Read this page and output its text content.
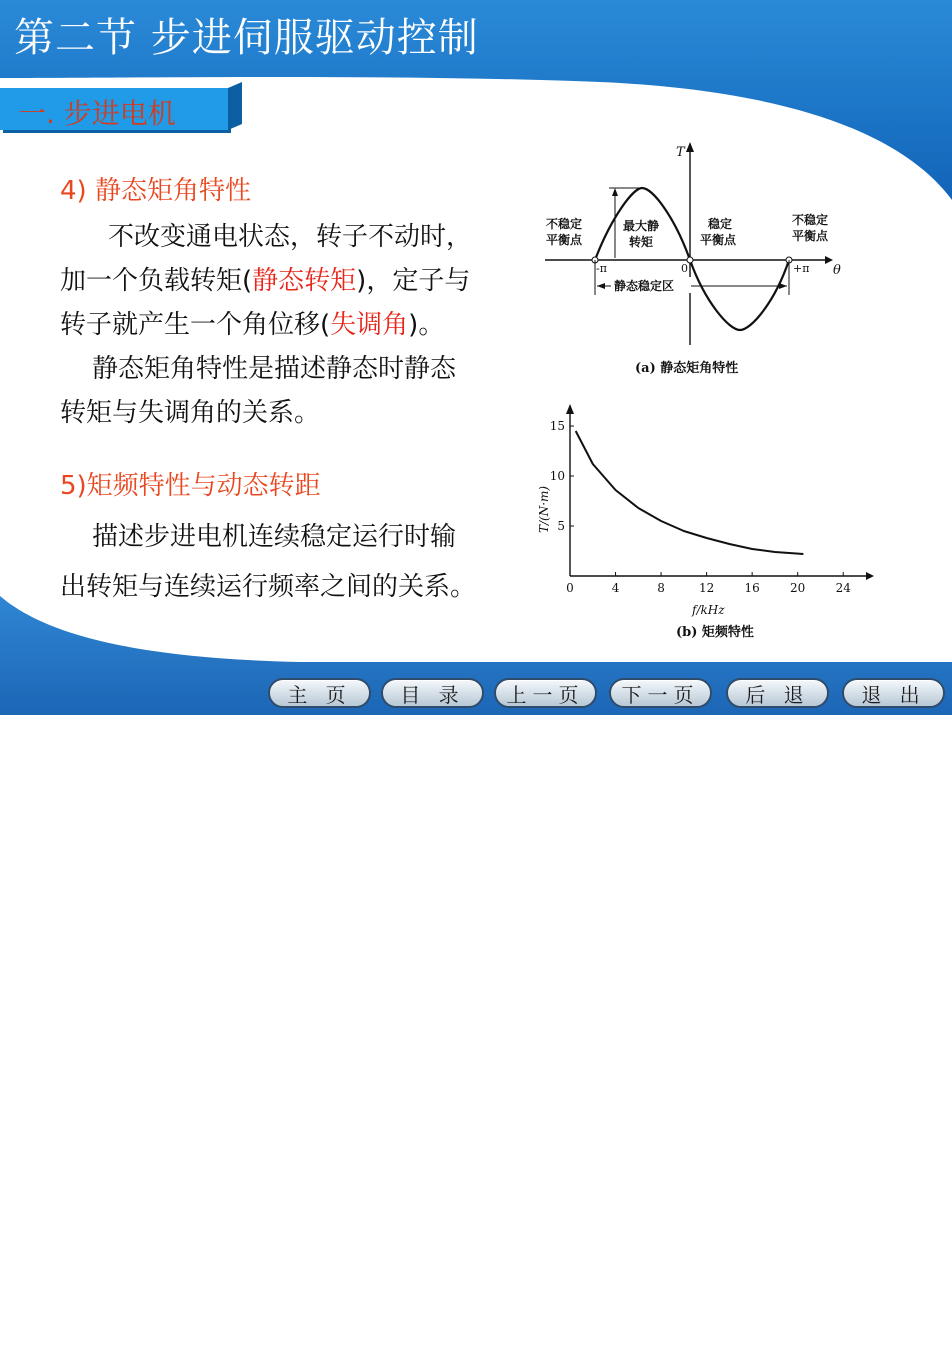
第二节 步进伺服驱动控制
一. 步进电机
4) 静态矩角特性
不改变通电状态，转子不动时，
加一个负载转矩(静态转矩)，定子与
转子就产生一个角位移(失调角)。
静态矩角特性是描述静态时静态
转矩与失调角的关系。
5)矩频特性与动态转距
描述步进电机连续稳定运行时输
出转矩与连续运行频率之间的关系。
T
θ
静态稳定区
-π	0	+π
不稳定
平衡点
最大静
转矩
稳定
平衡点
不稳定
平衡点
(a) 静态矩角特性
0	4	8	12	16	20	24
5
10
15
f/kHz
T/(N·m)
(b) 矩频特性
主 页	目 录	上一页	下一页	后 退	退 出
